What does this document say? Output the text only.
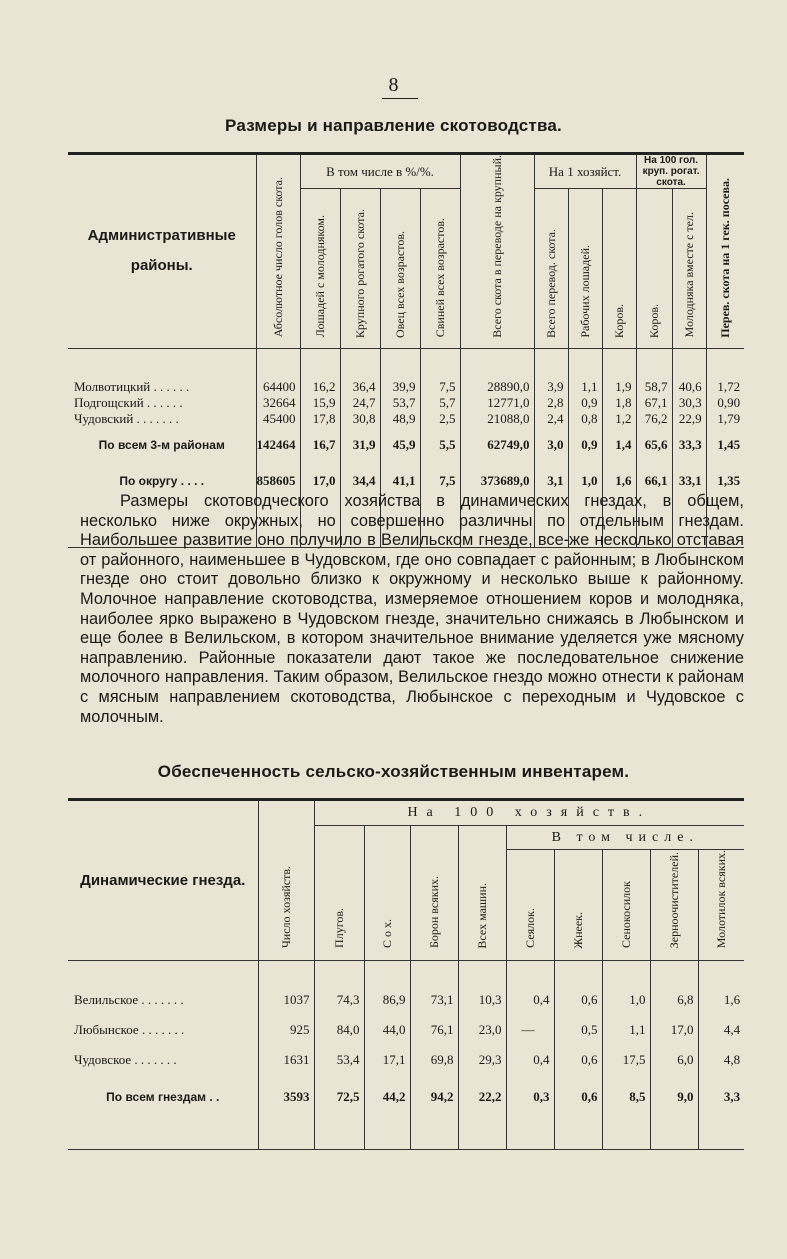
8
Размеры и направление скотоводства.
Административные районы.	Абсолютное число голов скота.	В том числе в %/%.				Всего скота в переводе на крупный.	На 1 хозяйст.			На 100 гол. круп. рогат. скота.		Перев. скота на 1 гек. посева.
		Лошадей с молодняком.	Крупного рогатого скота.	Овец всех возрастов.	Свиней всех возрастов.		Всего перевод. скота.	Рабочих лошадей.	Коров.	Коров.	Молодняка вместе с тел.	

Молвотицкий . . . . . .	64400	16,2	36,4	39,9	7,5	28890,0	3,9	1,1	1,9	58,7	40,6	1,72
Подгощский . . . . . .	32664	15,9	24,7	53,7	5,7	12771,0	2,8	0,9	1,8	67,1	30,3	0,90
Чудовский . . . . . . .	45400	17,8	30,8	48,9	2,5	21088,0	2,4	0,8	1,2	76,2	22,9	1,79
По всем 3-м районам	142464	16,7	31,9	45,9	5,5	62749,0	3,0	0,9	1,4	65,6	33,3	1,45
По округу . . . .	858605	17,0	34,4	41,1	7,5	373689,0	3,1	1,0	1,6	66,1	33,1	1,35

Размеры скотоводческого хозяйства в динамических гнездах, в общем, несколько ниже окружных, но совершенно различны по отдельным гнездам. Наибольшее развитие оно получило в Велильском гнезде, все-же несколько отставая от районного, наименьшее в Чудовском, где оно совпадает с районным; в Любынском гнезде оно стоит довольно близко к окружному и несколько выше к районному. Молочное направление скотоводства, измеряемое отношением коров и молодняка, наиболее ярко выражено в Чудовском гнезде, значительно снижаясь в Любынском и еще более в Велильском, в котором значительное внимание уделяется уже мясному направлению. Районные показатели дают такое же последовательное снижение молочного направления. Таким образом, Велильское гнездо можно отнести к районам с мясным направлением скотоводства, Любынское с переходным и Чудовское с молочным.
Обеспеченность сельско-хозяйственным инвентарем.
Динамические гнезда.	Число хозяйств.	На 100 хозяйств.								
		Плугов.	С о х.	Борон всяких.	Всех машин.	В том числе.				
						Сеялок.	Жнеек.	Сенокосилок	Зерноочистителей.	Молотилок всяких.

Велильское . . . . . . .	1037	74,3	86,9	73,1	10,3	0,4	0,6	1,0	6,8	1,6
Любынское . . . . . . .	925	84,0	44,0	76,1	23,0	—	0,5	1,1	17,0	4,4
Чудовское . . . . . . .	1631	53,4	17,1	69,8	29,3	0,4	0,6	17,5	6,0	4,8
По всем гнездам . .	3593	72,5	44,2	94,2	22,2	0,3	0,6	8,5	9,0	3,3
